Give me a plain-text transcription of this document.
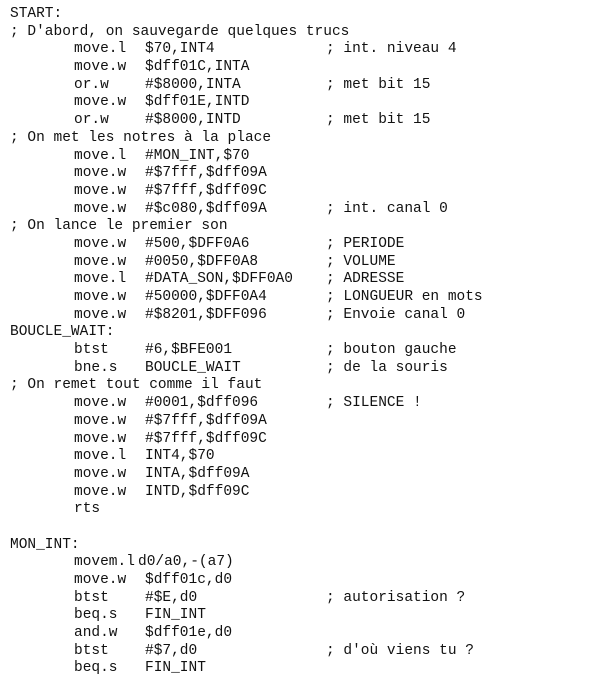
START:
; D'abord, on sauvegarde quelques trucs
move.l $70,INT4	; int. niveau 4
move.w $dff01C,INTA
or.w #$8000,INTA	; met bit 15
move.w $dff01E,INTD
or.w #$8000,INTD	; met bit 15
; On met les notres à la place
move.l #MON_INT,$70
move.w #$7fff,$dff09A
move.w #$7fff,$dff09C
move.w #$c080,$dff09A	; int. canal 0
; On lance le premier son
move.w #500,$DFF0A6	; PERIODE
move.w #0050,$DFF0A8	; VOLUME
move.l #DATA_SON,$DFF0A0 ; ADRESSE
move.w #50000,$DFF0A4	; LONGUEUR en mots
move.w #$8201,$DFF096	; Envoie canal 0
BOUCLE_WAIT:
btst #6,$BFE001	; bouton gauche
bne.s BOUCLE_WAIT	; de la souris
; On remet tout comme il faut
move.w #0001,$dff096	; SILENCE !
move.w #$7fff,$dff09A
move.w #$7fff,$dff09C
move.l INT4,$70
move.w INTA,$dff09A
move.w INTD,$dff09C
rts
MON_INT:
movem.l d0/a0,-(a7)
move.w $dff01c,d0
btst #$E,d0	; autorisation ?
beq.s FIN_INT
and.w $dff01e,d0
btst #$7,d0	; d'où viens tu ?
beq.s FIN_INT
